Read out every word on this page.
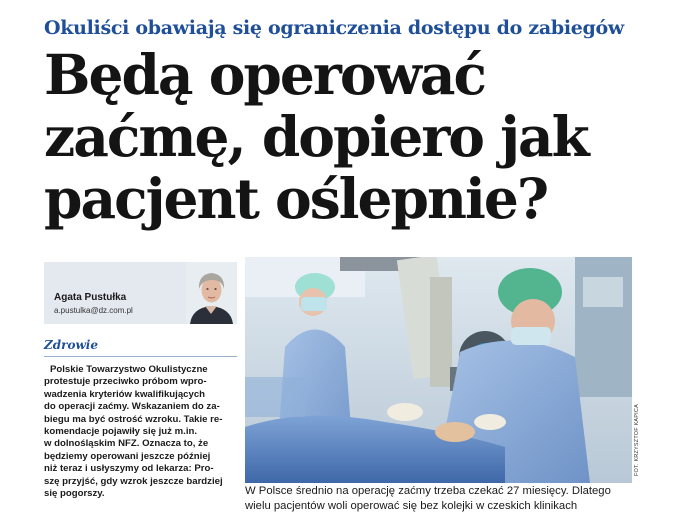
Okuliści obawiają się ograniczenia dostępu do zabiegów
Będą operować
zaćmę, dopiero jak
pacjent oślepnie?
Agata Pustułka
a.pustulka@dz.com.pl
Zdrowie
Polskie Towarzystwo Okulistyczne
protestuje przeciwko próbom wpro-
wadzenia kryteriów kwalifikujących
do operacji zaćmy. Wskazaniem do za-
biegu ma być ostrość wzroku. Takie re-
komendacje pojawiły się już m.in.
w dolnośląskim NFZ. Oznacza to, że
będziemy operowani jeszcze później
niż teraz i usłyszymy od lekarza: Pro-
szę przyjść, gdy wzrok jeszcze bardziej
się pogorszy.
FOT. KRZYSZTOF KAPICA
W Polsce średnio na operację zaćmy trzeba czekać 27 miesięcy. Dlatego
wielu pacjentów woli operować się bez kolejki w czeskich klinikach
